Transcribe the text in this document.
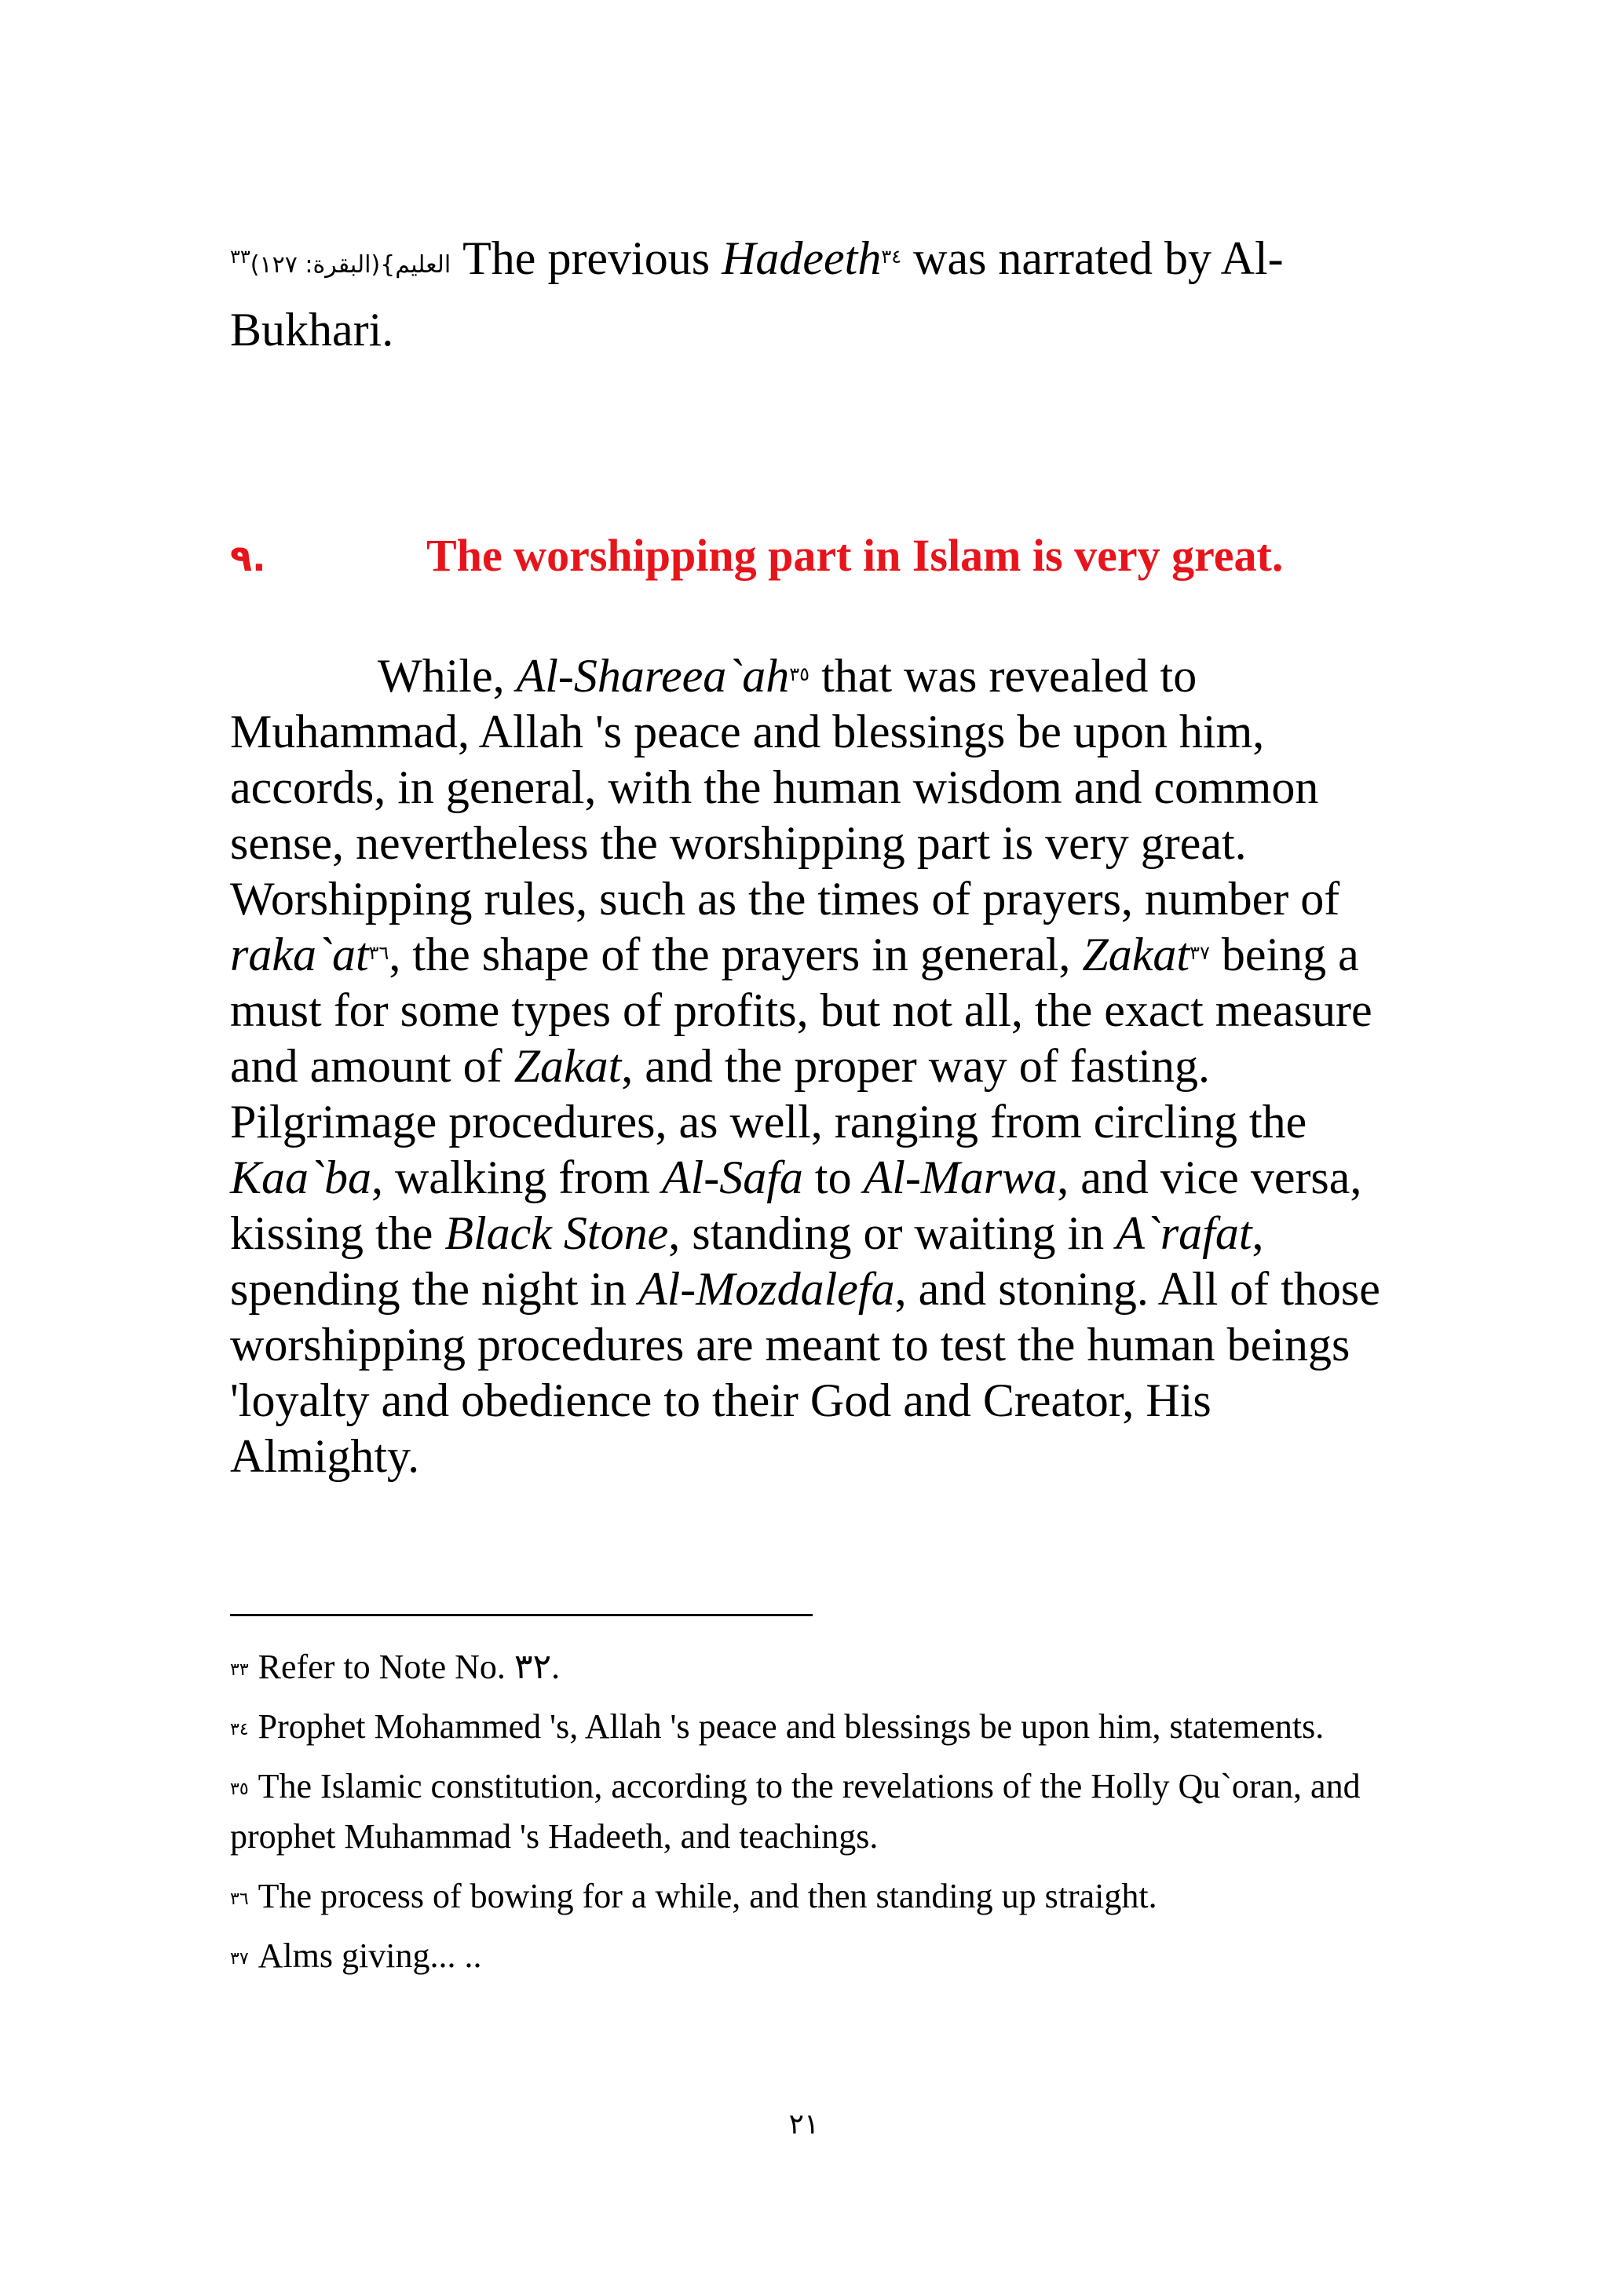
$^{٣٣}$العليم}(البقرة: ١٢٧) The previous Hadeeth$^{٣٤}$ was narrated by Al-Bukhari.
٩.	The worshipping part in Islam is very great.

While, $Al-Shareea`ah^{٣٥}$ that was revealed to Muhammad, Allah 's peace and blessings be upon him, accords, in general, with the human wisdom and common sense, nevertheless the worshipping part is very great. Worshipping rules, such as the times of prayers, number of $raka`at^{٣٦}$, the shape of the prayers in general, Zakat$^{٣٧}$ being a must for some types of profits, but not all, the exact measure and amount of Zakat, and the proper way of fasting. Pilgrimage procedures, as well, ranging from circling the Kaa`ba, walking from Al-Safa to Al-Marwa, and vice versa, kissing the Black Stone, standing or waiting in A`rafat, spending the night in Al-Mozdalefa, and stoning. All of those worshipping procedures are meant to test the human beings 'loyalty and obedience to their God and Creator, His Almighty.

$^{٣٣}$ Refer to Note No. ٣٢.

$^{٣٤}$ Prophet Mohammed 's, Allah 's peace and blessings be upon him, statements.

$^{٣٥}$ The Islamic constitution, according to the revelations of the Holly Qu`oran, and prophet Muhammad 's Hadeeth, and teachings.

$^{٣٦}$ The process of bowing for a while, and then standing up straight.

$^{٣٧}$ Alms giving... ..

٢١
